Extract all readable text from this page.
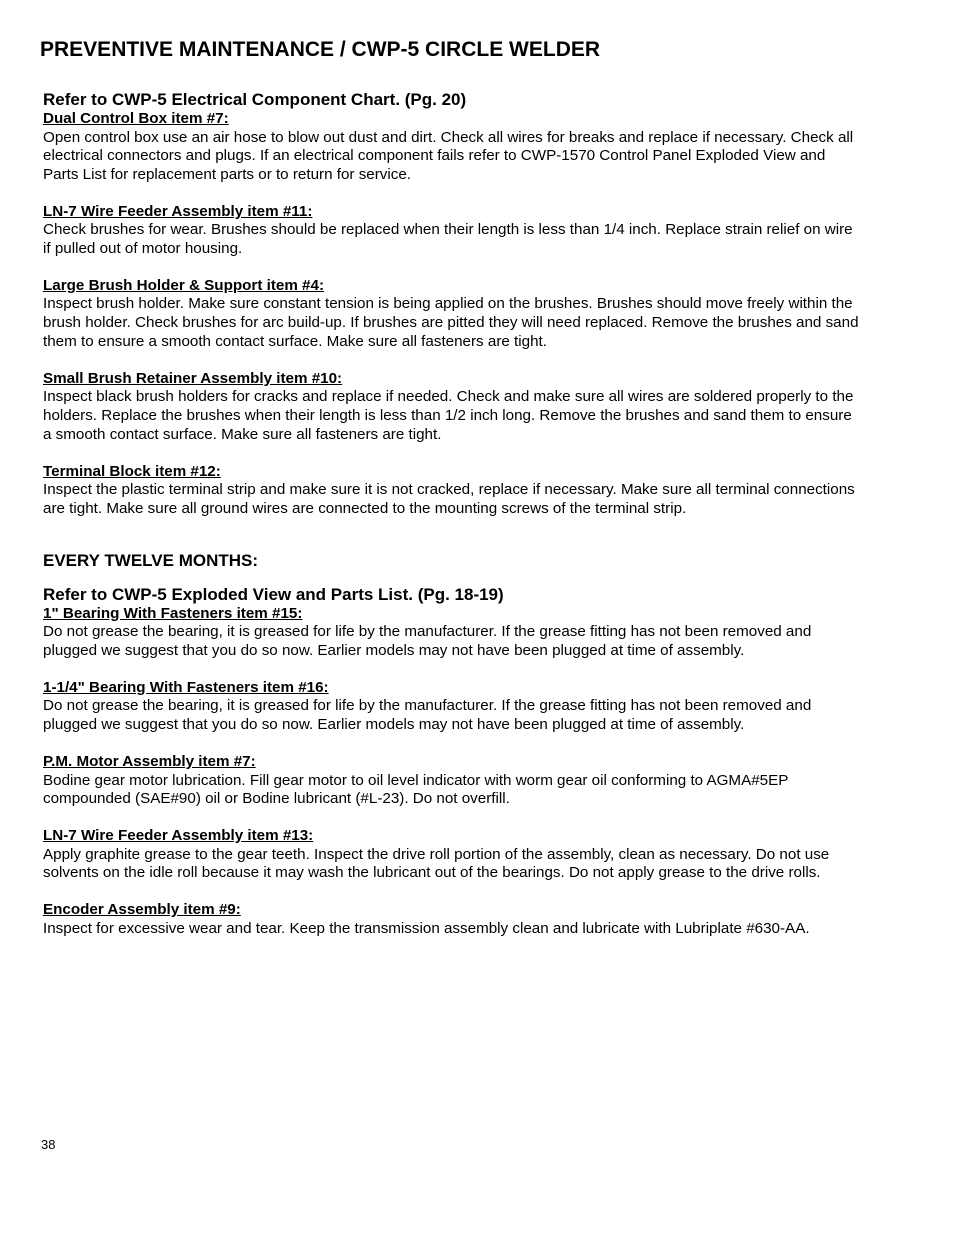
PREVENTIVE MAINTENANCE / CWP-5 CIRCLE WELDER
Refer to CWP-5 Electrical Component Chart. (Pg. 20)

Dual Control Box item #7:

Open control box use an air hose to blow out dust and dirt. Check all wires for breaks and replace if necessary. Check all electrical connectors and plugs. If an electrical component fails refer to CWP-1570 Control Panel Exploded View and Parts List for replacement parts or to return for service.

LN-7 Wire Feeder Assembly item #11:

Check brushes for wear. Brushes should be replaced when their length is less than 1/4 inch. Replace strain relief on wire if pulled out of motor housing.

Large Brush Holder & Support item #4:

Inspect brush holder. Make sure constant tension is being applied on the brushes. Brushes should move freely within the brush holder. Check brushes for arc build-up. If brushes are pitted they will need replaced. Remove the brushes and sand them to ensure a smooth contact surface. Make sure all fasteners are tight.

Small Brush Retainer Assembly item #10:

Inspect black brush holders for cracks and replace if needed. Check and make sure all wires are soldered properly to the holders. Replace the brushes when their length is less than 1/2 inch long. Remove the brushes and sand them to ensure a smooth contact surface. Make sure all fasteners are tight.

Terminal Block item #12:

Inspect the plastic terminal strip and make sure it is not cracked, replace if necessary. Make sure all terminal connections are tight. Make sure all ground wires are connected to the mounting screws of the terminal strip.

EVERY TWELVE MONTHS:
Refer to CWP-5 Exploded View and Parts List. (Pg. 18-19)

1" Bearing With Fasteners item #15:

Do not grease the bearing, it is greased for life by the manufacturer. If the grease fitting has not been removed and plugged we suggest that you do so now. Earlier models may not have been plugged at time of assembly.

1-1/4" Bearing With Fasteners item #16:

Do not grease the bearing, it is greased for life by the manufacturer. If the grease fitting has not been removed and plugged we suggest that you do so now. Earlier models may not have been plugged at time of assembly.

P.M. Motor Assembly item #7:

Bodine gear motor lubrication. Fill gear motor to oil level indicator with worm gear oil conforming to AGMA#5EP compounded (SAE#90) oil or Bodine lubricant (#L-23). Do not overfill.

LN-7 Wire Feeder Assembly item #13:

Apply graphite grease to the gear teeth. Inspect the drive roll portion of the assembly, clean as necessary. Do not use solvents on the idle roll because it may wash the lubricant out of the bearings. Do not apply grease to the drive rolls.

Encoder Assembly item #9:

Inspect for excessive wear and tear. Keep the transmission assembly clean and lubricate with Lubriplate #630-AA.

38
